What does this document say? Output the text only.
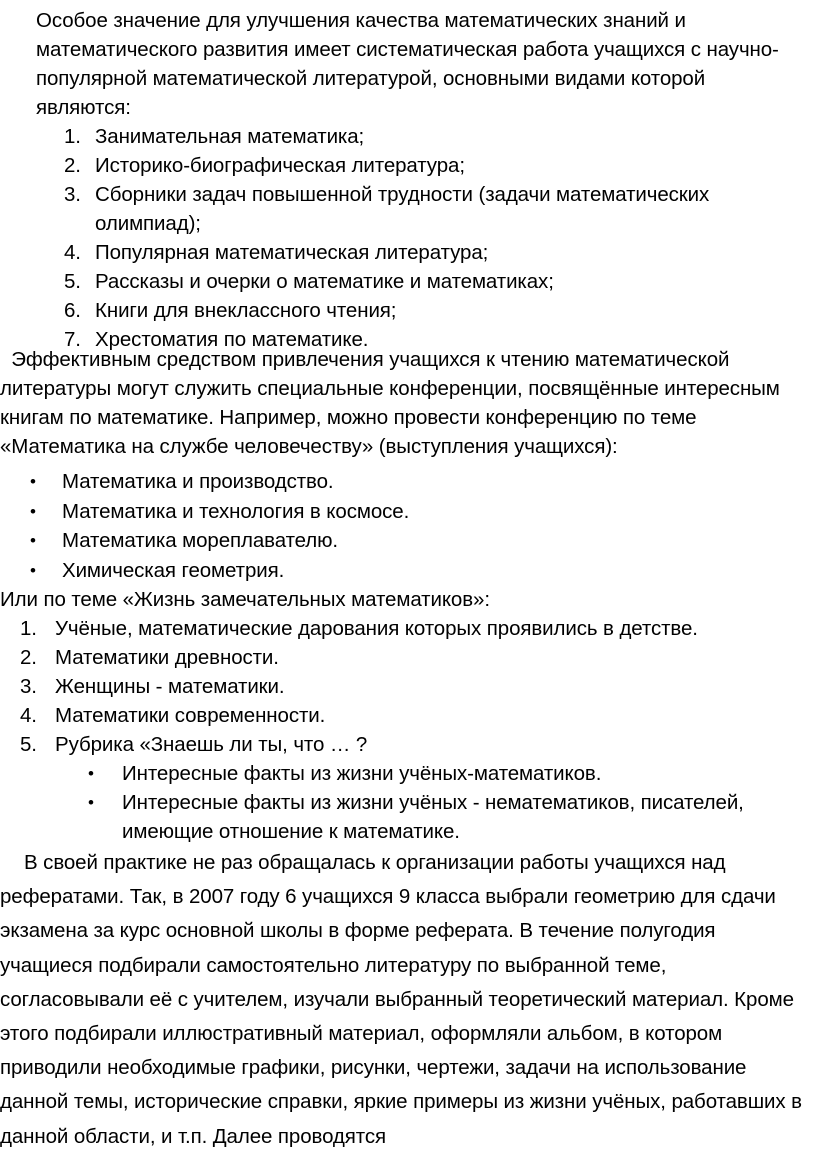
Особое значение для улучшения качества математических знаний и математического развития имеет систематическая работа учащихся с научно-популярной математической литературой, основными видами которой являются:

1. Занимательная математика;
2. Историко-биографическая литература;
3. Сборники задач повышенной трудности (задачи математических олимпиад);
4. Популярная математическая литература;
5. Рассказы и очерки о математике и математиках;
6. Книги для внеклассного чтения;
7. Хрестоматия по математике.

Эффективным средством привлечения учащихся к чтению математической литературы могут служить специальные конференции, посвящённые интересным книгам по математике. Например, можно провести конференцию по теме «Математика на службе человечеству» (выступления учащихся):

• Математика и производство.
• Математика и технология в космосе.
• Математика мореплавателю.
• Химическая геометрия.

Или по теме «Жизнь замечательных математиков»:

1. Учёные, математические дарования которых проявились в детстве.
2. Математики древности.
3. Женщины - математики.
4. Математики современности.
5. Рубрика «Знаешь ли ты, что … ?
• Интересные факты из жизни учёных-математиков.
• Интересные факты из жизни учёных - нематематиков, писателей, имеющие отношение к математике.

В своей практике не раз обращалась к организации работы учащихся над рефератами. Так, в 2007 году 6 учащихся 9 класса выбрали геометрию для сдачи экзамена за курс основной школы в форме реферата. В течение полугодия учащиеся подбирали самостоятельно литературу по выбранной теме, согласовывали её с учителем, изучали выбранный теоретический материал. Кроме этого подбирали иллюстративный материал, оформляли альбом, в котором приводили необходимые графики, рисунки, чертежи, задачи на использование данной темы, исторические справки, яркие примеры из жизни учёных, работавших в данной области, и т.п. Далее проводятся
